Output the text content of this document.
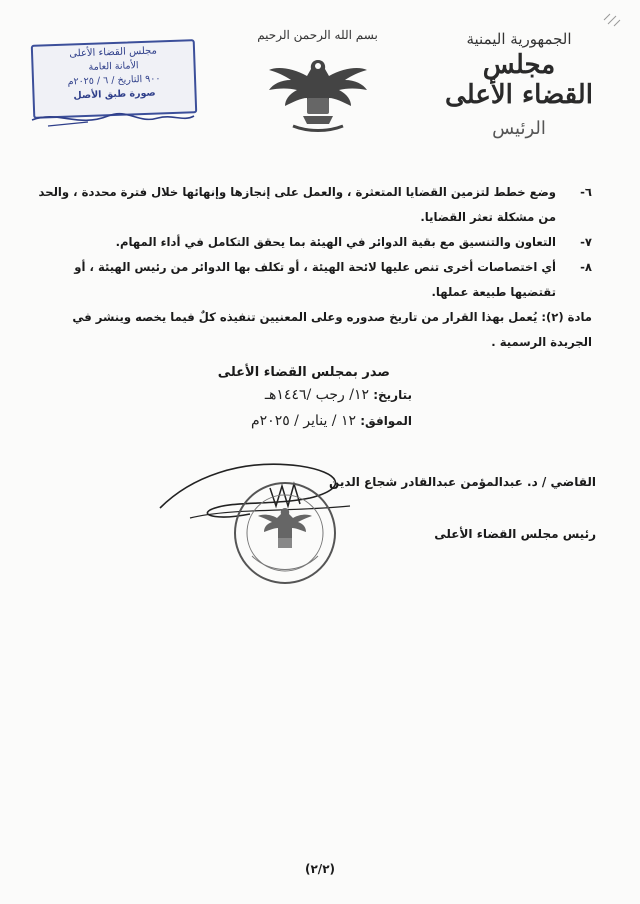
الجمهورية اليمنية
مجلس القضاء الأعلى
الرئيس
بسم الله الرحمن الرحيم
مجلس القضاء الأعلى
الأمانة العامة
٩٠٠ التاريخ / ٦ / ٢٠٢٥م
صورة طبق الأصل
٦-
وضع خطط لتزمين القضايا المتعثرة ، والعمل على إنجازها وإنهائها خلال فترة محددة ، والحد من مشكلة تعثر القضايا.
٧-
التعاون والتنسيق مع بقية الدوائر في الهيئة بما يحقق التكامل في أداء المهام.
٨-
أي اختصاصات أخرى تنص عليها لائحة الهيئة ، أو تكلف بها الدوائر من رئيس الهيئة ، أو تقتضيها طبيعة عملها.
مادة (٢):يُعمل بهذا القرار من تاريخ صدوره وعلى المعنيين تنفيذه كلٌ فيما يخصه وينشر في الجريدة الرسمية .
صدر بمجلس القضاء الأعلى
بتاريخ: ١٢/ رجب /١٤٤٦هـ
الموافق: ١٢ / يناير / ٢٠٢٥م
القاضي / د. عبدالمؤمن عبدالقادر شجاع الدين
رئيس مجلس القضاء الأعلى
(٢/٢)
